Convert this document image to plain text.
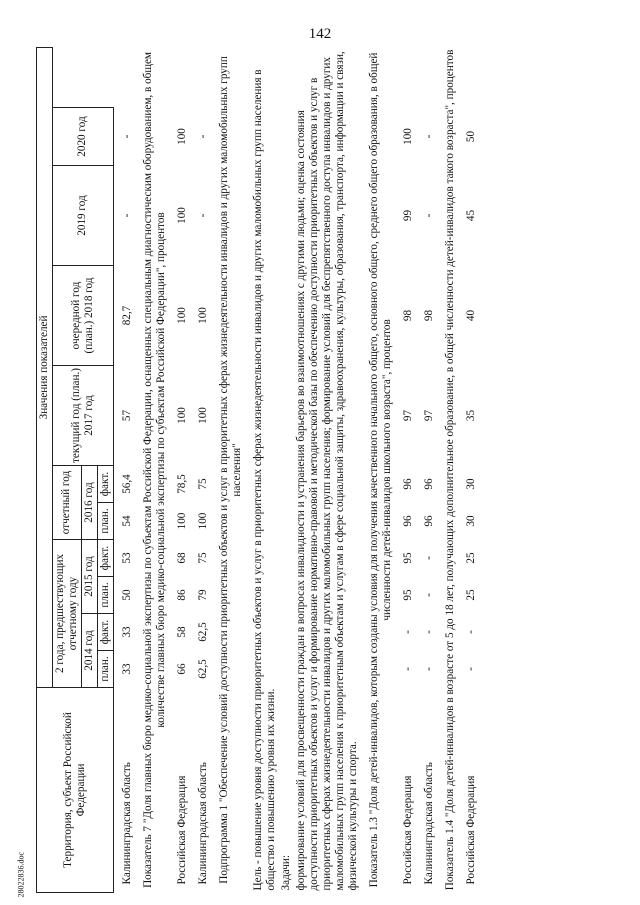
142
28022836.doc
Территория, субъект Российской Федерации	Значения показателей										
	2 года, предшествующих отчетному году				отчетный год		текущий год (план.) 2017 год	очередной год (план.) 2018 год	2019 год	2020 год	
	2014 год		2015 год		2016 год						
	план.	факт.	план.	факт.	план.	факт.					

Калининградская область	33	33	50	53	54	56,4	57	82,7	-	-	

Показатель 7 "Доля главных бюро медико-социальной экспертизы по субъектам Российской Федерации, оснащенных специальным диагностическим оборудованием, в общем количестве главных бюро медико-социальной экспертизы по субъектам Российской Федерации", процентов											

Российская Федерация	66	58	86	68	100	78,5	100	100	100	100	

Калининградская область	62,5	62,5	79	75	100	75	100	100	-	-	

Подпрограмма 1 "Обеспечение условий доступности приоритетных объектов и услуг в приоритетных сферах жизнедеятельности инвалидов и других маломобильных групп населения"											

Цель - повышение уровня доступности приоритетных объектов и услуг в приоритетных сферах жизнедеятельности инвалидов и других маломобильных групп населения в общество и повышению уровня их жизни.											
Задачи:											
формирование условий для просвещенности граждан в вопросах инвалидности и устранения барьеров во взаимоотношениях с другими людьми; оценка состояния доступности приоритетных объектов и услуг и формирование нормативно-правовой и методической базы по обеспечению доступности приоритетных объектов и услуг в приоритетных сферах жизнедеятельности инвалидов и других маломобильных групп населения; формирование условий для беспрепятственного доступа инвалидов и других маломобильных групп населения к приоритетным объектам и услугам в сфере социальной защиты, здравоохранения, культуры, образования, транспорта, информации и связи, физической культуры и спорта.											

Показатель 1.3 "Доля детей-инвалидов, которым созданы условия для получения качественного начального общего, основного общего, среднего общего образования, в общей численности детей-инвалидов школьного возраста", процентов											

Российская Федерация	-	-	95	95	96	96	97	98	99	100	

Калининградская область	-	-	-	-	96	96	97	98	-	-	

Показатель 1.4 "Доля детей-инвалидов в возрасте от 5 до 18 лет, получающих дополнительное образование, в общей численности детей-инвалидов такого возраста", процентов											

Российская Федерация	-	-	25	25	30	30	35	40	45	50	
